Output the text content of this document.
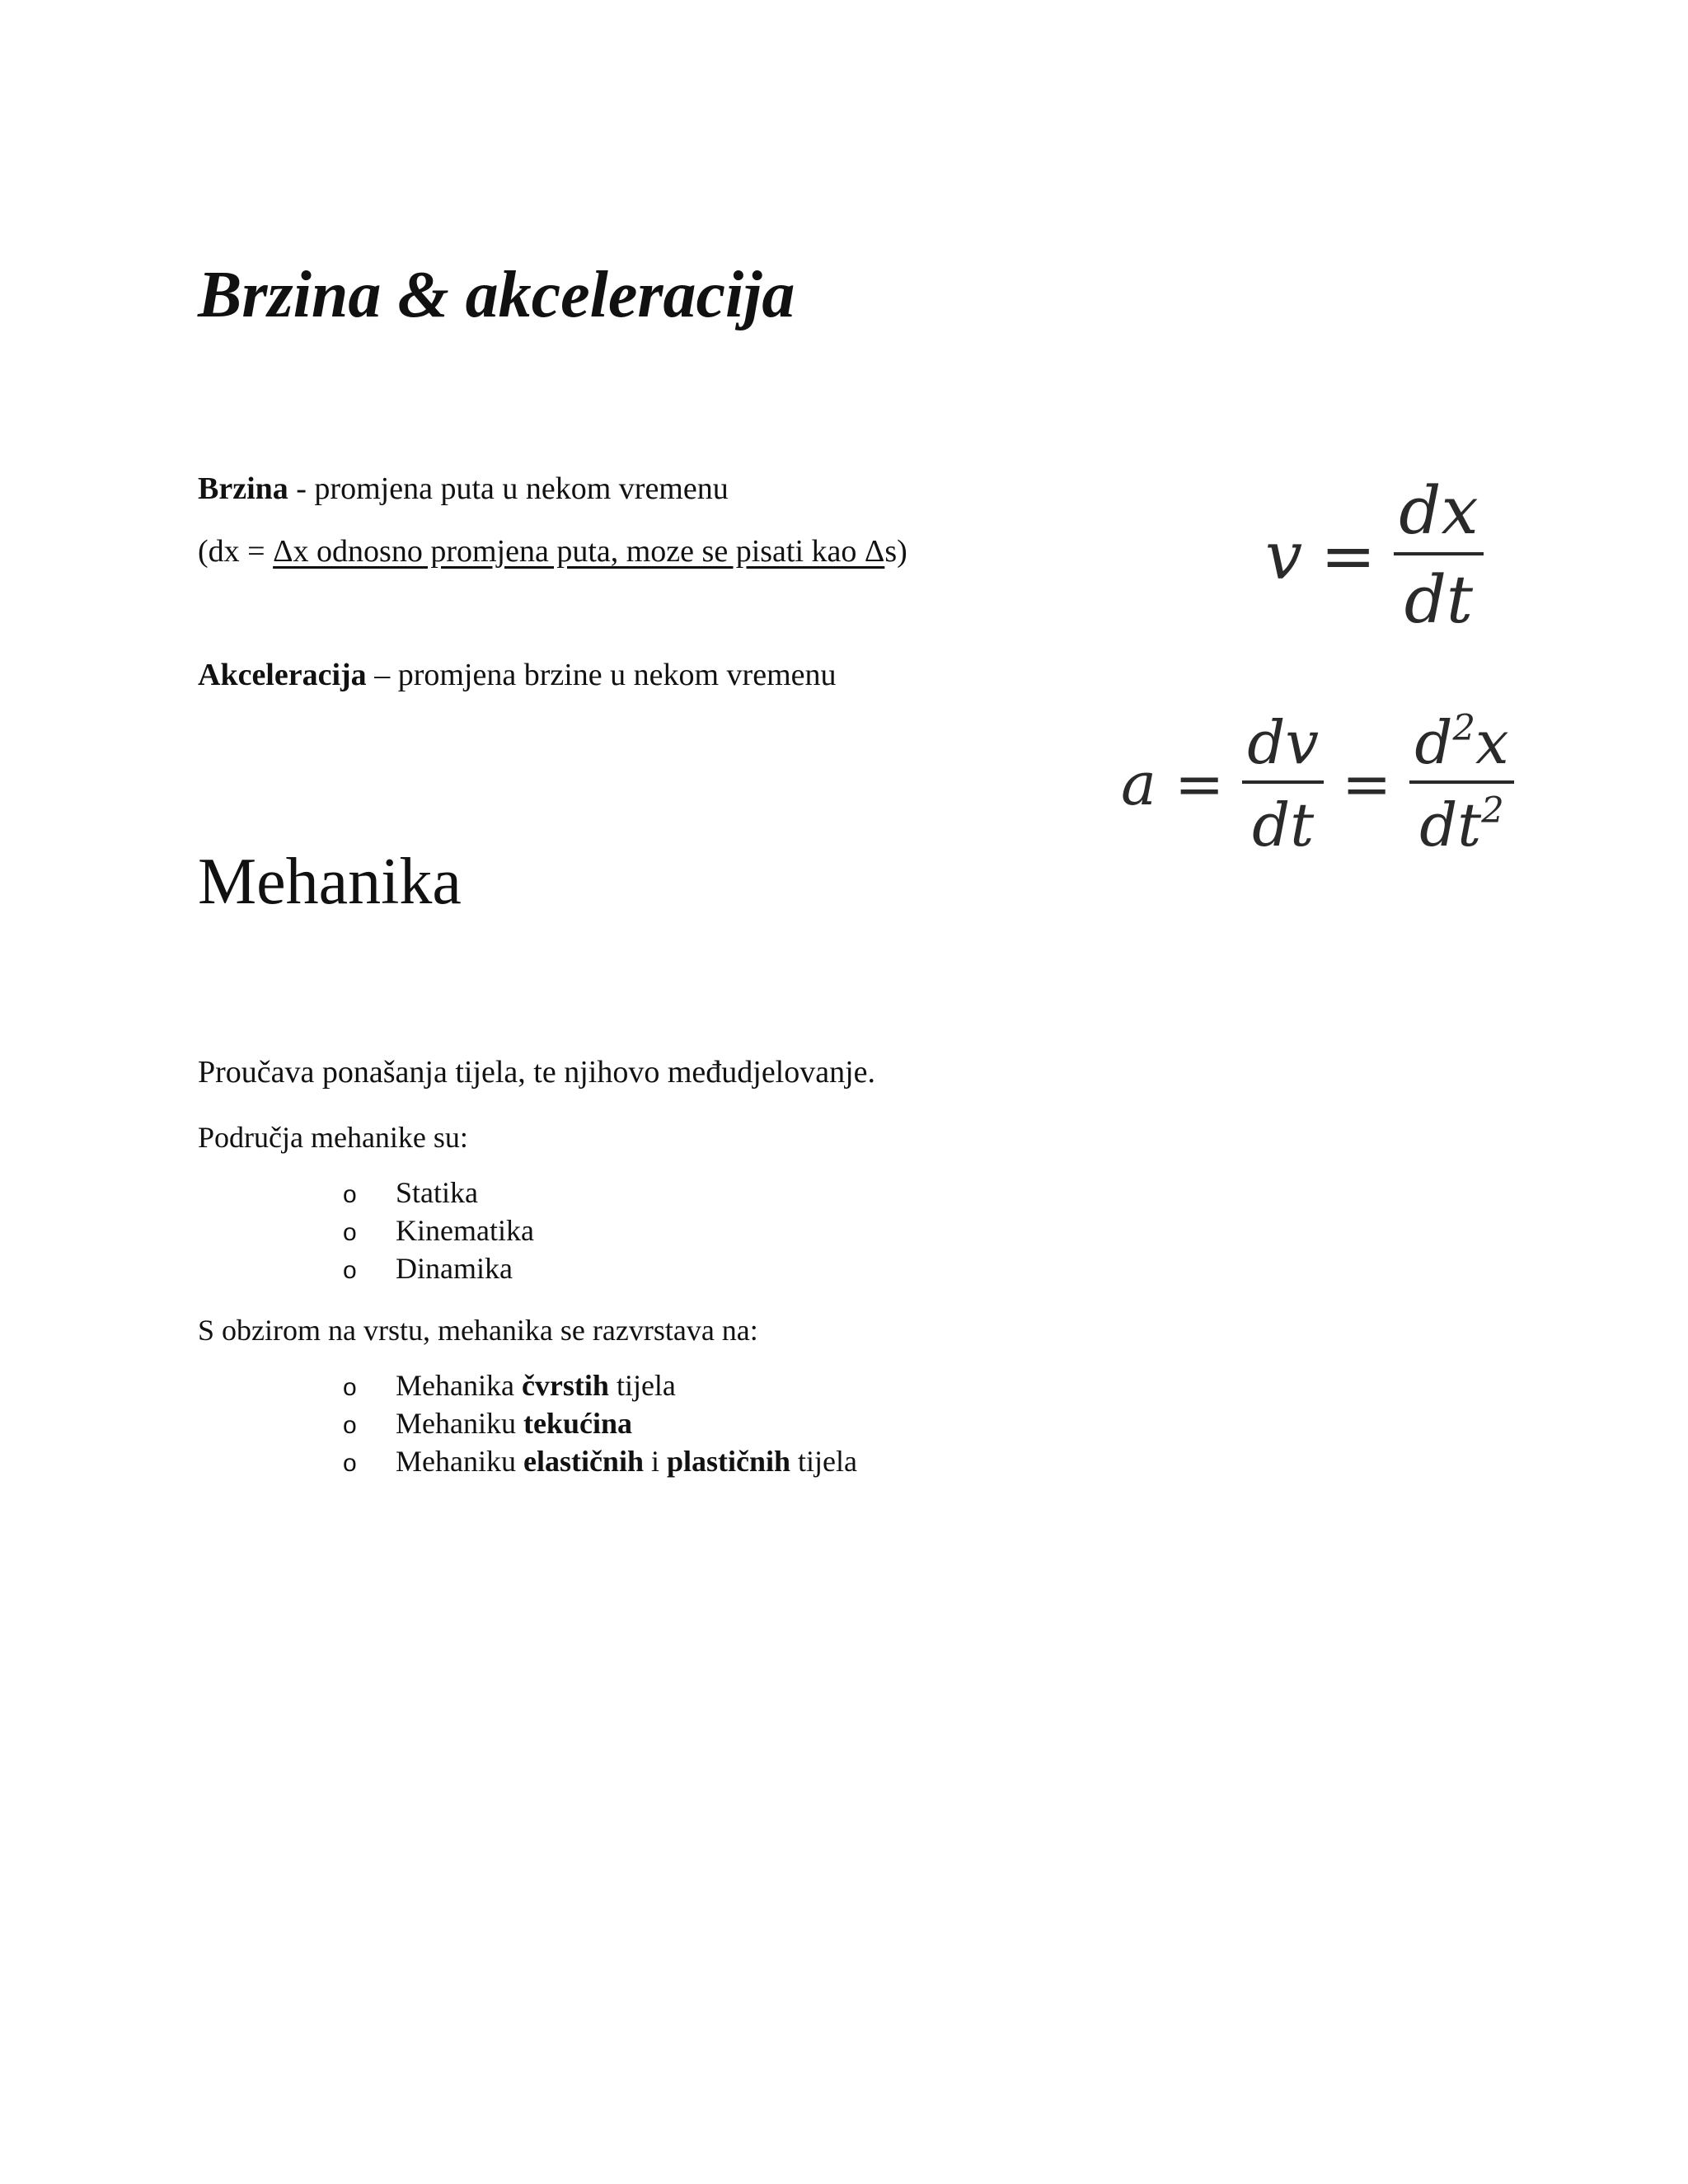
Brzina & akceleracija
Brzina - promjena puta u nekom vremenu
(dx = Δx odnosno promjena puta, moze se pisati kao Δs)
Akceleracija – promjena brzine u nekom vremenu
$v = \frac{dx}{dt}$
$a = \frac{dv}{dt} = \frac{d^2x}{dt^2}$
Mehanika
Proučava ponašanja tijela, te njihovo međudjelovanje.
Područja mehanike su:
o Statika
o Kinematika
o Dinamika
S obzirom na vrstu, mehanika se razvrstava na:
o Mehanika čvrstih tijela
o Mehaniku tekućina
o Mehaniku elastičnih i plastičnih tijela
